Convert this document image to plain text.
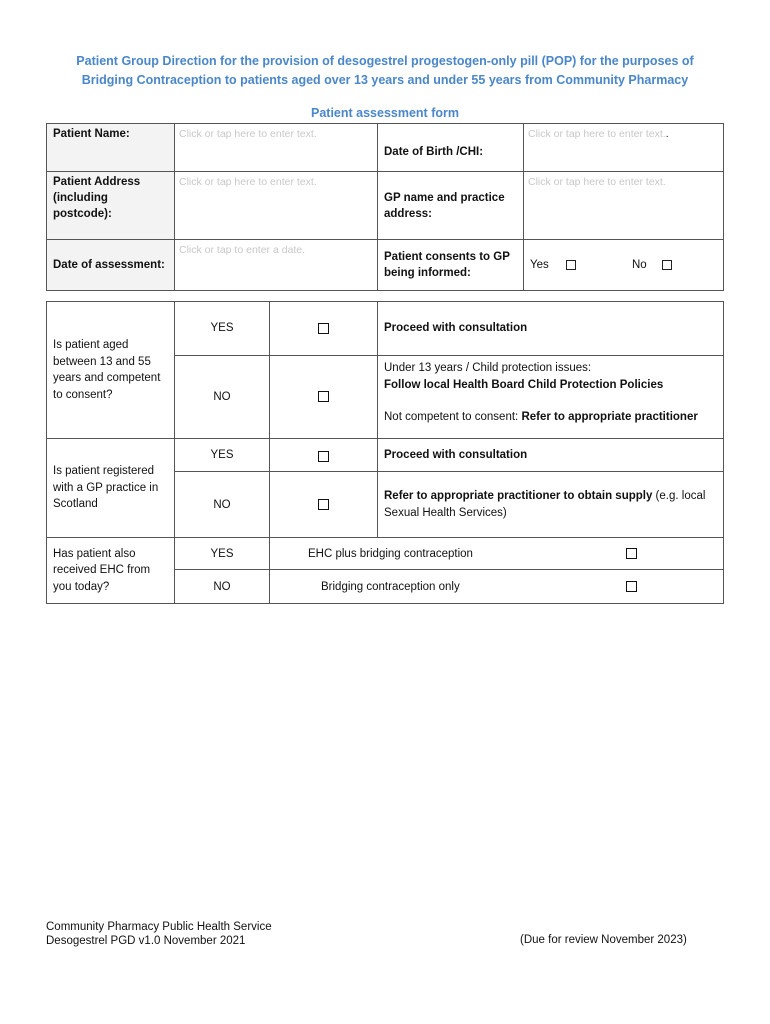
Patient Group Direction for the provision of desogestrel progestogen-only pill (POP) for the purposes of
Bridging Contraception to patients aged over 13 years and under 55 years from Community Pharmacy
Patient assessment form
Patient Name:	Click or tap here to enter text.	Date of Birth /CHI:	Click or tap here to enter text..

Patient Address (including postcode):	Click or tap here to enter text.	GP name and practice address:	Click or tap here to enter text.

Date of assessment:	Click or tap to enter a date.	Patient consents to GP being informed:	Yes No
Is patient aged between 13 and 55 years and competent to consent?	YES		Proceed with consultation
	NO		Under 13 years / Child protection issues:
Follow local Health Board Child Protection Policies
Not competent to consent: Refer to appropriate practitioner

Is patient registered with a GP practice in Scotland	YES		Proceed with consultation
	NO		Refer to appropriate practitioner to obtain supply (e.g. local Sexual Health Services)
Has patient also received EHC from you today?	YES	EHC plus bridging contraception	

	NO	Bridging contraception only	
Community Pharmacy Public Health Service
Desogestrel PGD v1.0 November 2021	(Due for review November 2023)
